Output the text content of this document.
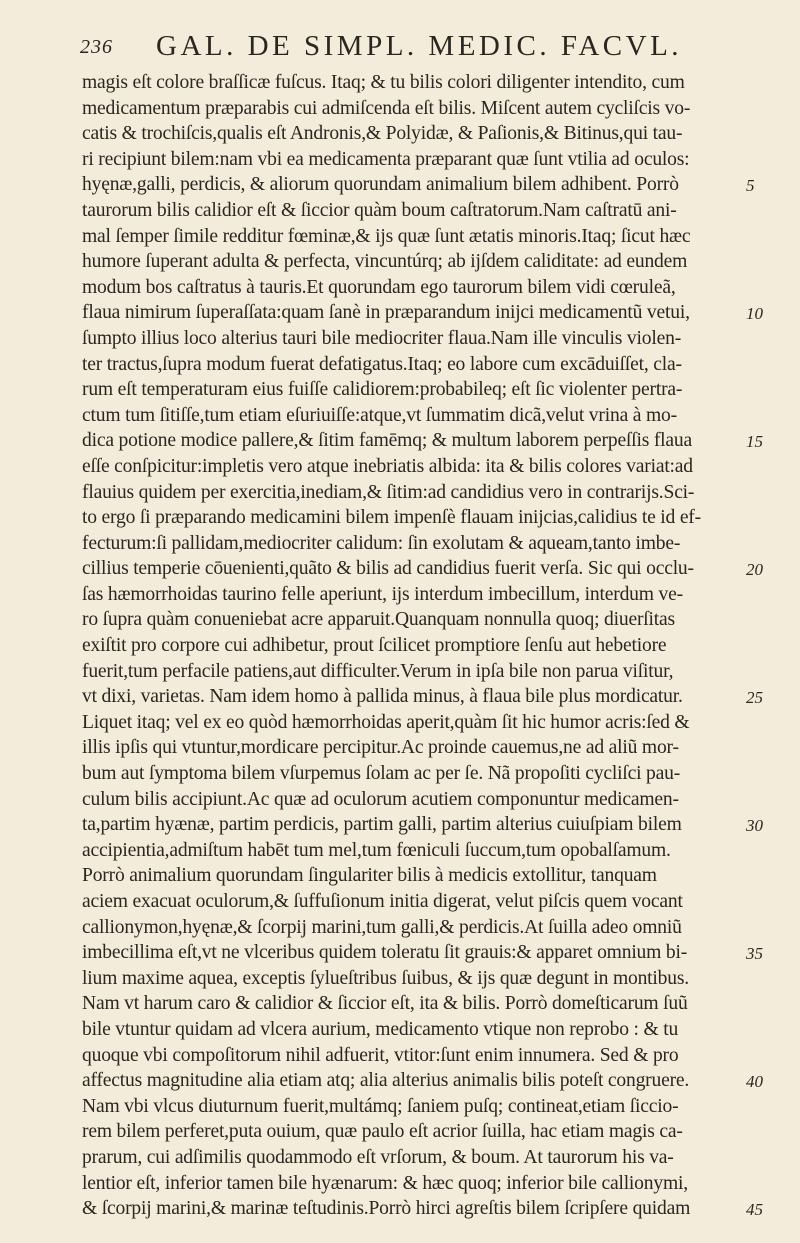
236 GAL. DE SIMPL. MEDIC. FACVL.
magis eſt colore braſſicæ fuſcus. Itaq; & tu bilis colori diligenter intendito, cum
medicamentum præparabis cui admiſcenda eſt bilis. Miſcent autem cycliſcis vo-
catis & trochiſcis,qualis eſt Andronis,& Polyidæ, & Paſionis,& Bitinus,qui tau-
ri recipiunt bilem:nam vbi ea medicamenta præparant quæ ſunt vtilia ad oculos:
hyęnæ,galli, perdicis, & aliorum quorundam animalium bilem adhibent. Porrò
taurorum bilis calidior eſt & ſiccior quàm boum caſtratorum.Nam caſtratū ani-
mal ſemper ſimile redditur fœminæ,& ijs quæ ſunt ætatis minoris.Itaq; ſicut hæc
humore ſuperant adulta & perfecta, vincuntúrq; ab ijſdem caliditate: ad eundem
modum bos caſtratus à tauris.Et quorundam ego taurorum bilem vidi cœruleã,
flaua nimirum ſuperaſſata:quam ſanè in præparandum inijci medicamentũ vetui,
ſumpto illius loco alterius tauri bile mediocriter flaua.Nam ille vinculis violen-
ter tractus,ſupra modum fuerat defatigatus.Itaq; eo labore cum excāduiſſet, cla-
rum eſt temperaturam eius fuiſſe calidiorem:probabileq; eſt ſic violenter pertra-
ctum tum ſitiſſe,tum etiam eſuriuiſſe:atque,vt ſummatim dicã,velut vrina à mo-
dica potione modice pallere,& ſitim famēmq; & multum laborem perpeſſis flaua
eſſe conſpicitur:impletis vero atque inebriatis albida: ita & bilis colores variat:ad
flauius quidem per exercitia,inediam,& ſitim:ad candidius vero in contrarijs.Sci-
to ergo ſi præparando medicamini bilem impenſè flauam inijcias,calidius te id ef-
fecturum:ſi pallidam,mediocriter calidum: ſin exolutam & aqueam,tanto imbe-
cillius temperie cōuenienti,quãto & bilis ad candidius fuerit verſa. Sic qui occlu-
ſas hæmorrhoidas taurino felle aperiunt, ijs interdum imbecillum, interdum ve-
ro ſupra quàm conueniebat acre apparuit.Quanquam nonnulla quoq; diuerſitas
exiſtit pro corpore cui adhibetur, prout ſcilicet promptiore ſenſu aut hebetiore
fuerit,tum perfacile patiens,aut difficulter.Verum in ipſa bile non parua viſitur,
vt dixi, varietas. Nam idem homo à pallida minus, à flaua bile plus mordicatur.
Liquet itaq; vel ex eo quòd hæmorrhoidas aperit,quàm ſit hic humor acris:ſed &
illis ipſis qui vtuntur,mordicare percipitur.Ac proinde cauemus,ne ad aliũ mor-
bum aut ſymptoma bilem vſurpemus ſolam ac per ſe. Nã propoſiti cycliſci pau-
culum bilis accipiunt.Ac quæ ad oculorum acutiem componuntur medicamen-
ta,partim hyænæ, partim perdicis, partim galli, partim alterius cuiuſpiam bilem
accipientia,admiſtum habēt tum mel,tum fœniculi ſuccum,tum opobalſamum.
Porrò animalium quorundam ſingulariter bilis à medicis extollitur, tanquam
aciem exacuat oculorum,& ſuffuſionum initia digerat, velut piſcis quem vocant
callionymon,hyęnæ,& ſcorpij marini,tum galli,& perdicis.At ſuilla adeo omniũ
imbecillima eſt,vt ne vlceribus quidem toleratu ſit grauis:& apparet omnium bi-
lium maxime aquea, exceptis ſylueſtribus ſuibus, & ijs quæ degunt in montibus.
Nam vt harum caro & calidior & ſiccior eſt, ita & bilis. Porrò domeſticarum ſuũ
bile vtuntur quidam ad vlcera aurium, medicamento vtique non reprobo : & tu
quoque vbi compoſitorum nihil adfuerit, vtitor:ſunt enim innumera. Sed & pro
affectus magnitudine alia etiam atq; alia alterius animalis bilis poteſt congruere.
Nam vbi vlcus diuturnum fuerit,multámq; ſaniem puſq; contineat,etiam ſiccio-
rem bilem perferet,puta ouium, quæ paulo eſt acrior ſuilla, hac etiam magis ca-
prarum, cui adſimilis quodammodo eſt vrſorum, & boum. At taurorum his va-
lentior eſt, inferior tamen bile hyænarum: & hæc quoq; inferior bile callionymi,
& ſcorpij marini,& marinæ teſtudinis.Porrò hirci agreſtis bilem ſcripſere quidam
5
10
15
20
25
30
35
40
45
